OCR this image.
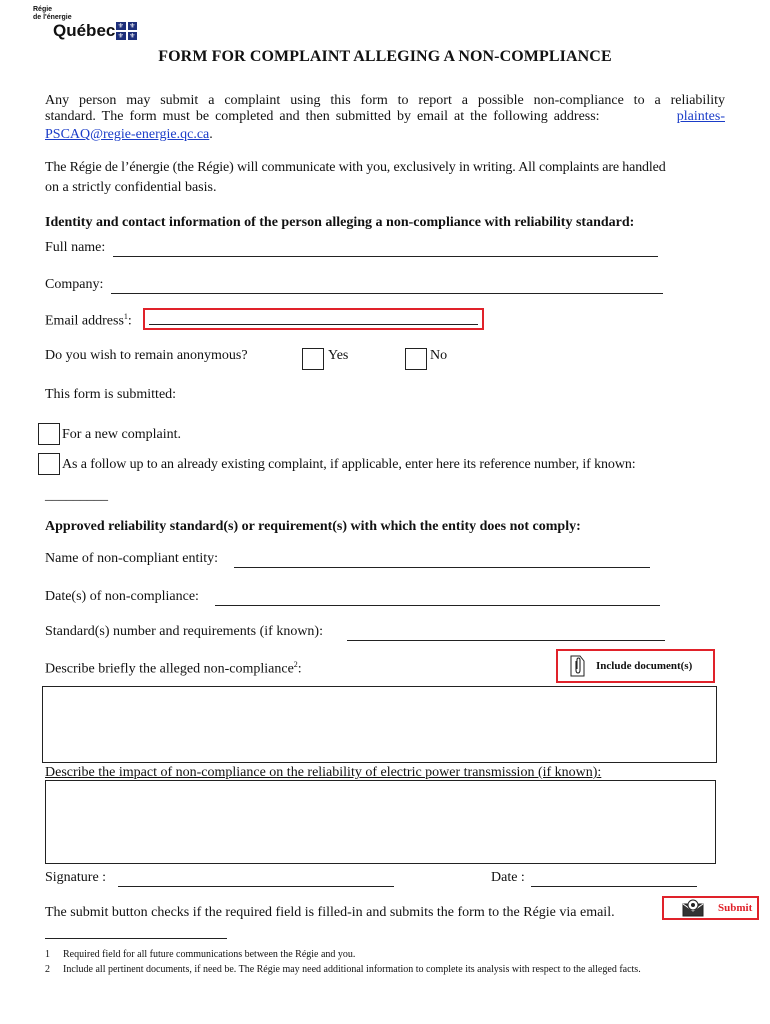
Régie
de l'énergie
Québec ⚜ ⚜
⚜ ⚜
FORM FOR COMPLAINT ALLEGING A NON-COMPLIANCE
Any person may submit a complaint using this form to report a possible non-compliance to a reliability
standard. The form must be completed and then submitted by email at the following address:	plaintes-
PSCAQ@regie-energie.qc.ca.
The Régie de l’énergie (the Régie) will communicate with you, exclusively in writing. All complaints are handled
on a strictly confidential basis.
Identity and contact information of the person alleging a non-compliance with reliability standard:
Full name:
Company:
Email address$^1$:
Do you wish to remain anonymous?	Yes	No
This form is submitted:
For a new complaint.
As a follow up to an already existing complaint, if applicable, enter here its reference number, if known:
_________
Approved reliability standard(s) or requirement(s) with which the entity does not comply:
Name of non-compliant entity:
Date(s) of non-compliance:
Standard(s) number and requirements (if known):
Describe briefly the alleged non-compliance$^2$:	Include document(s)
Describe the impact of non-compliance on the reliability of electric power transmission (if known):
Signature :	Date :
The submit button checks if the required field is filled-in and submits the form to the Régie via email.	Submit
1 Required field for all future communications between the Régie and you.
2 Include all pertinent documents, if need be. The Régie may need additional information to complete its analysis with respect to the alleged facts.
